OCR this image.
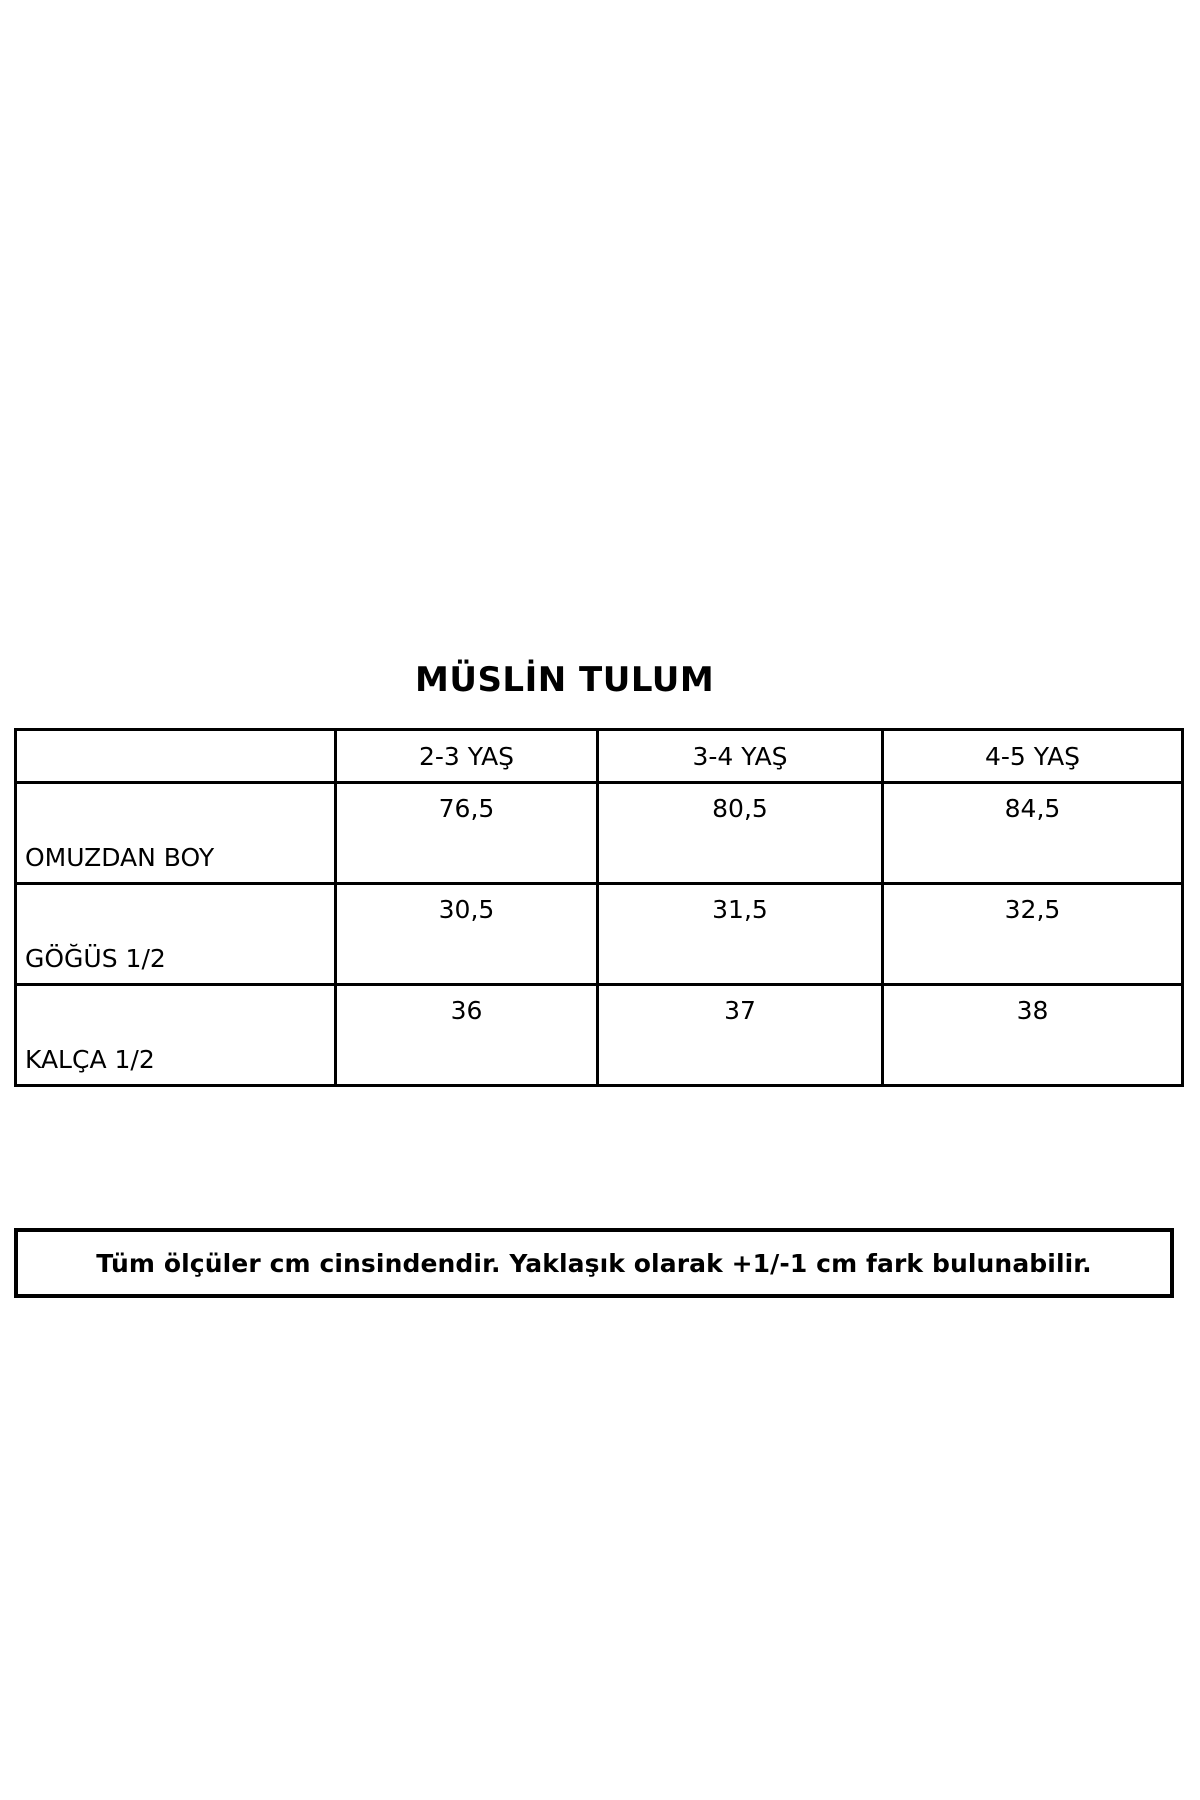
MÜSLİN TULUM
	2-3 YAŞ	3-4 YAŞ	4-5 YAŞ
OMUZDAN BOY	76,5	80,5	84,5
GÖĞÜS 1/2	30,5	31,5	32,5
KALÇA 1/2	36	37	38
Tüm ölçüler cm cinsindendir. Yaklaşık olarak +1/-1 cm fark bulunabilir.
